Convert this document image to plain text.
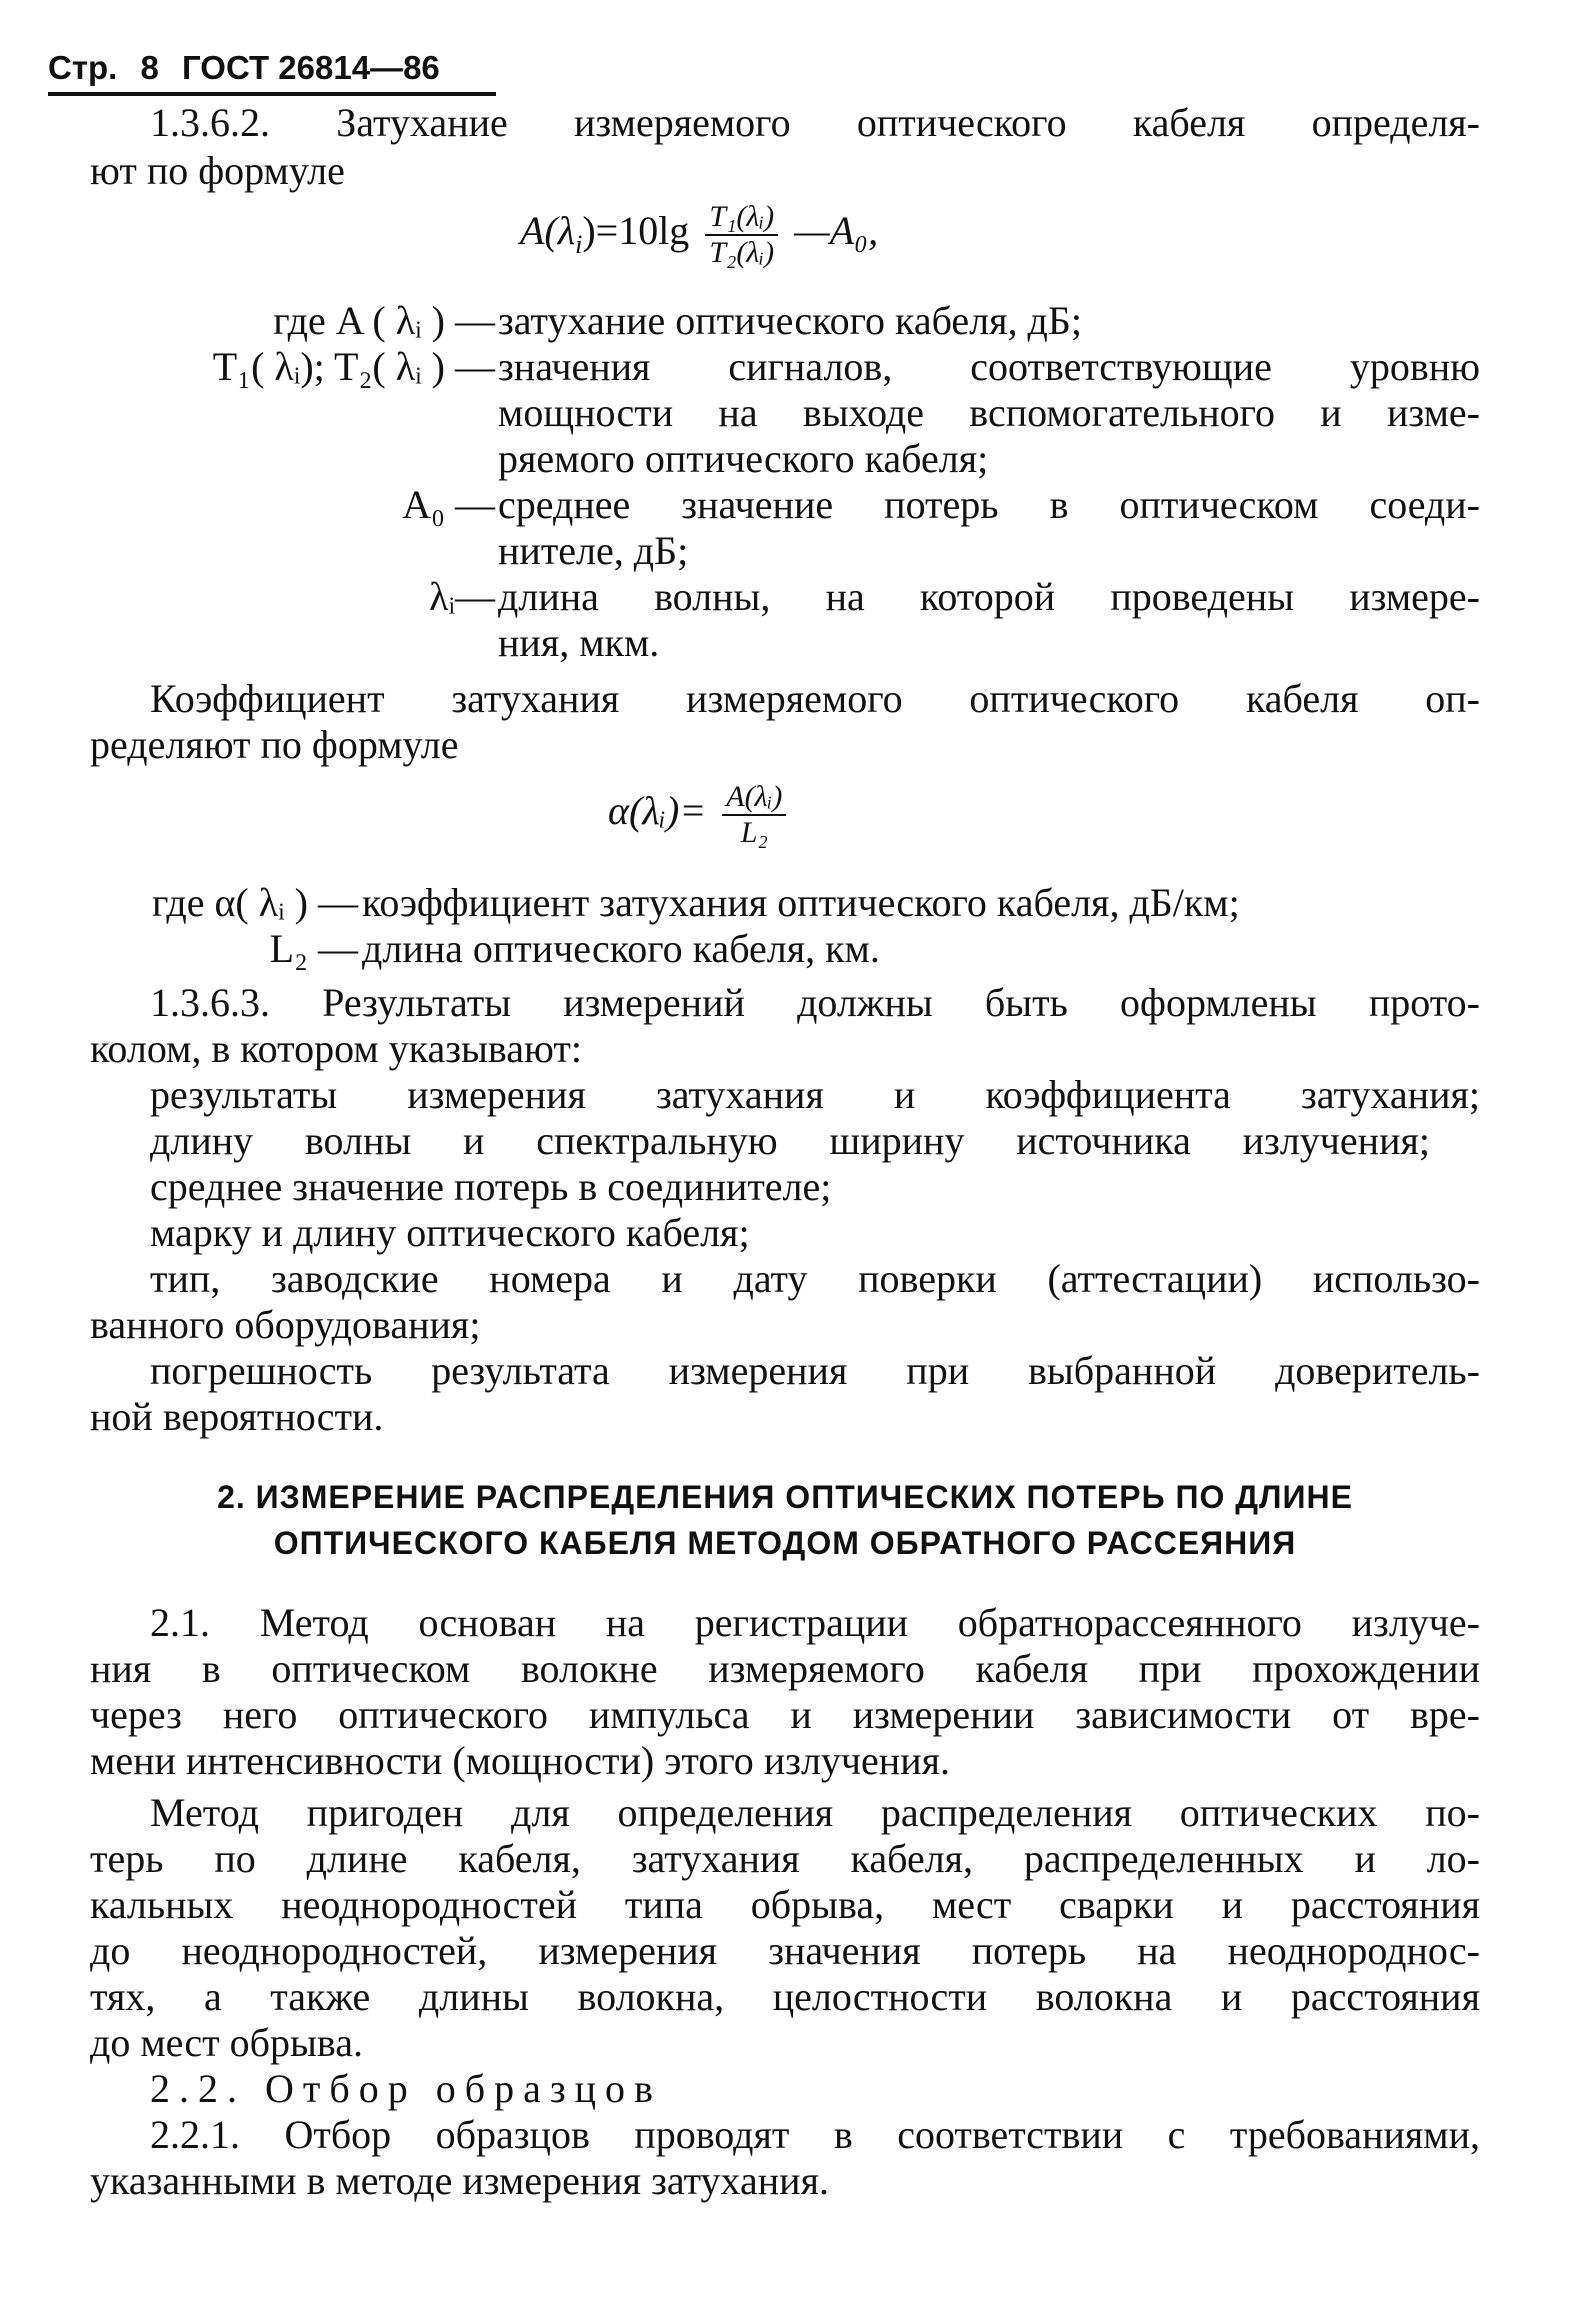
Стр. 8 ГОСТ 26814—86

1.3.6.2. Затухание измеряемого оптического кабеля определя-

ют по формуле

$A(\lambda_i)=10\lg \frac{\text{T₁(λᵢ)}}{\text{T₂(λᵢ)}}$ —A₀,

где A ( λᵢ ) — затухание оптического кабеля, дБ;

T₁( λᵢ); T₂( λᵢ ) — значения сигналов, соответствующие уровню

мощности на выходе вспомогательного и изме-

ряемого оптического кабеля;

A₀ — среднее значение потерь в оптическом соеди-

нителе, дБ;

λᵢ— длина волны, на которой проведены измере-

ния, мкм.

Коэффициент затухания измеряемого оптического кабеля оп-

ределяют по формуле

α(λᵢ)= $\frac{\text{A(λᵢ)}}{\text{L₂}}$

где α( λᵢ ) — коэффициент затухания оптического кабеля, дБ/км;

L₂ — длина оптического кабеля, км.

1.3.6.3. Результаты измерений должны быть оформлены прото-

колом, в котором указывают:

результаты измерения затухания и коэффициента затухания;

длину волны и спектральную ширину источника излучения;

среднее значение потерь в соединителе;

марку и длину оптического кабеля;

тип, заводские номера и дату поверки (аттестации) использо-

ванного оборудования;

погрешность результата измерения при выбранной доверитель-

ной вероятности.

2. ИЗМЕРЕНИЕ РАСПРЕДЕЛЕНИЯ ОПТИЧЕСКИХ ПОТЕРЬ ПО ДЛИНЕ

ОПТИЧЕСКОГО КАБЕЛЯ МЕТОДОМ ОБРАТНОГО РАССЕЯНИЯ

2.1. Метод основан на регистрации обратнорассеянного излуче-

ния в оптическом волокне измеряемого кабеля при прохождении

через него оптического импульса и измерении зависимости от вре-

мени интенсивности (мощности) этого излучения.

Метод пригоден для определения распределения оптических по-

терь по длине кабеля, затухания кабеля, распределенных и ло-

кальных неоднородностей типа обрыва, мест сварки и расстояния

до неоднородностей, измерения значения потерь на неоднороднос-

тях, а также длины волокна, целостности волокна и расстояния

до мест обрыва.

2.2. Отбор образцов

2.2.1. Отбор образцов проводят в соответствии с требованиями,

указанными в методе измерения затухания.
